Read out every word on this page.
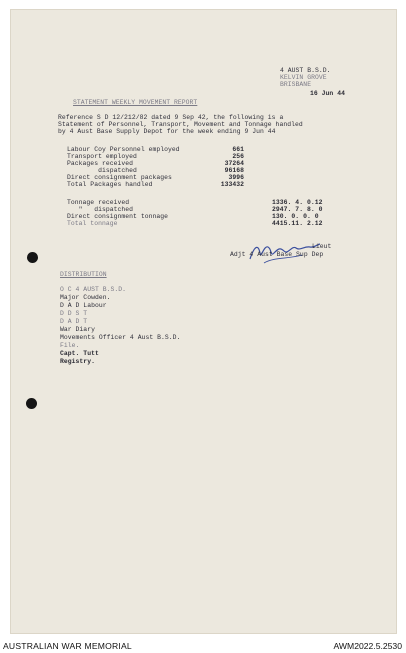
4 AUST B.S.D.
KELVIN GROVE
BRISBANE
16 Jun 44
STATEMENT WEEKLY MOVEMENT REPORT
Reference S D 12/212/82 dated 9 Sep 42, the following is a
Statement of Personnel, Transport, Movement and Tonnage handled
by 4 Aust Base Supply Depot for the week ending 9 Jun 44
Labour Coy Personnel employed	661
Transport employed	256
Packages received	37264
dispatched	96168
Direct consignment packages	3996
Total Packages handled	133432
Tonnage received	1336. 4. 0.12
"   dispatched	2947. 7. 8. 0
Direct consignment tonnage	130. 0. 0. 0
Total tonnage	4415.11. 2.12
Lieut
Adjt 4 Aust Base Sup Dep
DISTRIBUTION
O C 4 AUST B.S.D.
Major Cowden.
D A D Labour
D D S T
D A D T
War Diary
Movements Officer 4 Aust B.S.D.
File.
Capt. Tutt
Registry.
AUSTRALIAN WAR MEMORIAL	AWM2022.5.2530
